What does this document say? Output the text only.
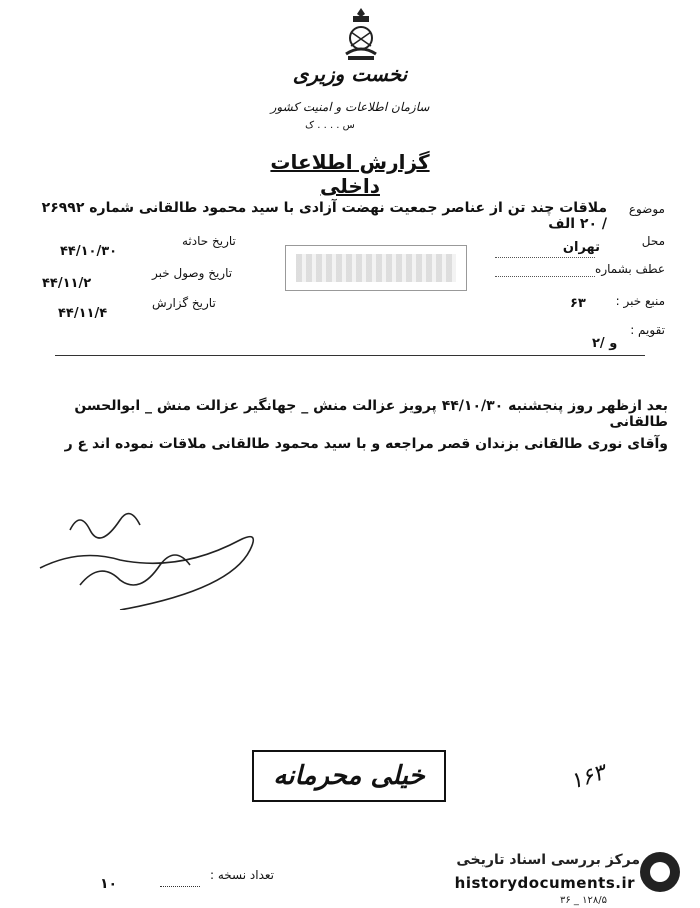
نخست وزیری
سازمان اطلاعات و امنیت کشور
س . . . . ک
گزارش اطلاعات داخلی
موضوع
ملاقات چند تن از عناصر جمعیت نهضت آزادی با سید محمود طالقانی شماره ۲۶۹۹۲ / ۲۰ الف
محل
تهران
عطف بشماره
منبع خبر :
۶۳
تقویم :
۲/ و
تاریخ حادثه
۴۴/۱۰/۳۰
تاریخ وصول خبر
۴۴/۱۱/۲
تاریخ گزارش
۴۴/۱۱/۴
بعد ازظهر روز پنجشنبه ۴۴/۱۰/۳۰ پرویز عزالت منش _ جهانگیر عزالت منش _ ابوالحسن طالقانی
وآقای نوری طالقانی بزندان قصر مراجعه و با سید محمود طالقانی ملاقات نموده اند ع ر
خیلی محرمانه	۱۶۳
تعداد نسخه :
۱۰
مرکز بررسی اسناد تاریخی
historydocuments.ir
۳۶ _ ۱۲۸/۵
